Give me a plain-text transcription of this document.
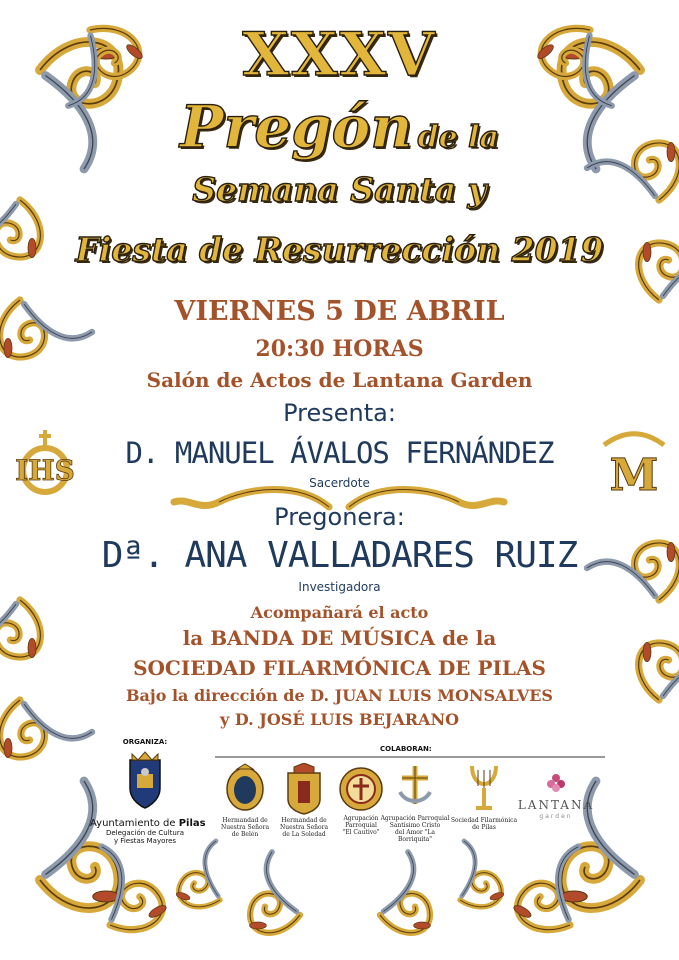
IHS	M
XXXV
Pregón de la
Semana Santa y
Fiesta de Resurrección 2019
VIERNES 5 DE ABRIL
20:30 HORAS
Salón de Actos de Lantana Garden
Presenta:
D. MANUEL ÁVALOS FERNÁNDEZ
Sacerdote
Pregonera:
Dª. ANA VALLADARES RUIZ
Investigadora
Acompañará el acto
la BANDA DE MÚSICA de la
SOCIEDAD FILARMÓNICA DE PILAS
Bajo la dirección de D. JUAN LUIS MONSALVES
y D. JOSÉ LUIS BEJARANO
ORGANIZA:
Ayuntamiento de Pilas
Delegación de Cultura
y Fiestas Mayores
COLABORAN:
Hermandad de
Nuestra Señora
de Belén
Hermandad de
Nuestra Señora
de La Soledad
Agrupación
Parroquial
"El Cautivo"
Agrupación Parroquial
Santísimo Cristo
del Amor "La Borriquita"
Sociedad Filarmónica
de Pilas
LANTANA
garden
